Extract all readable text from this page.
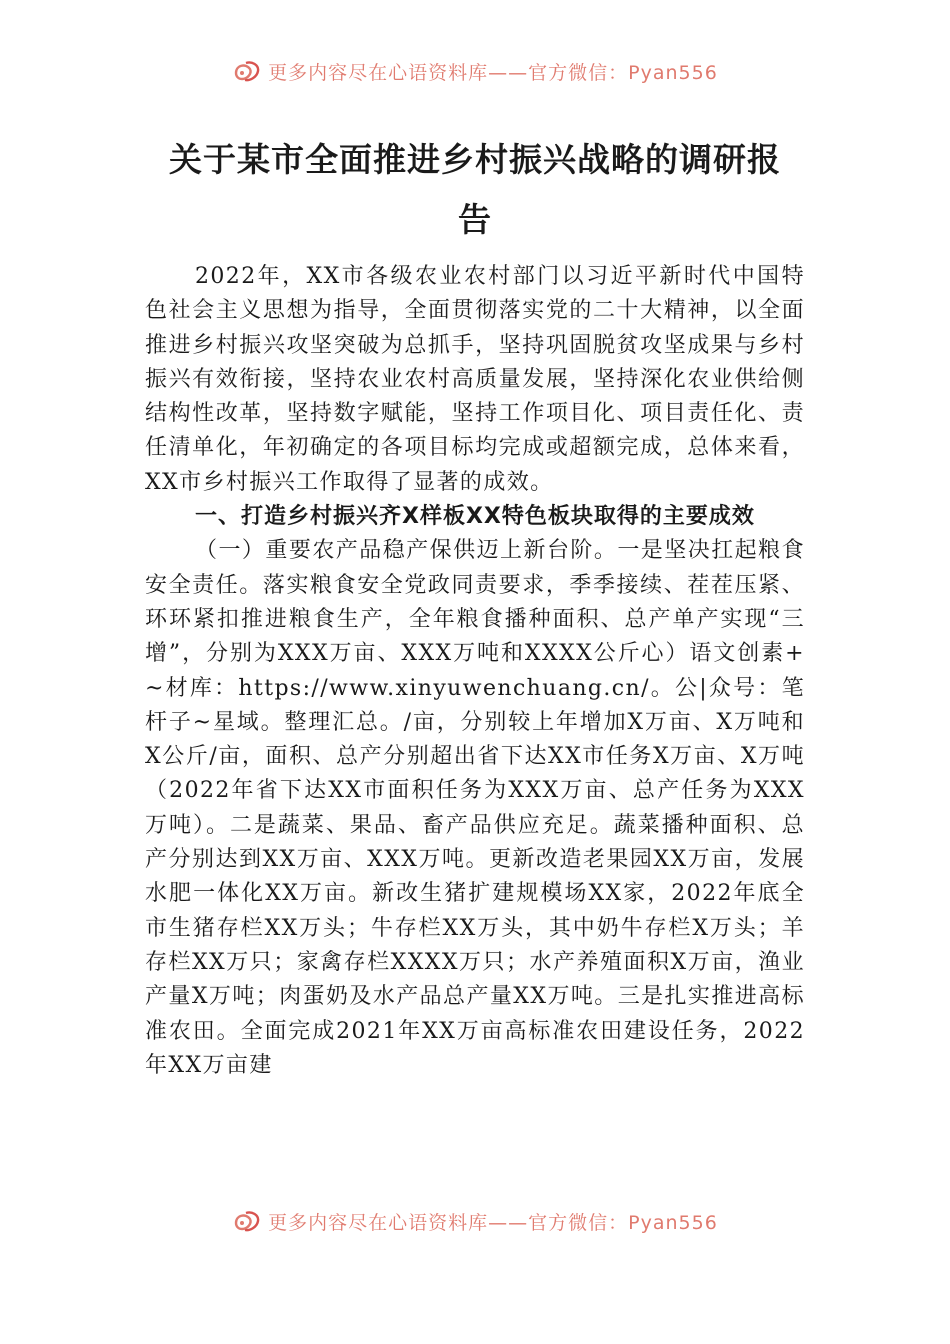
更多内容尽在心语资料库——官方微信：Pyan556
关于某市全面推进乡村振兴战略的调研报
告

2022年，XX市各级农业农村部门以习近平新时代中国特色社会主义思想为指导，全面贯彻落实党的二十大精神，以全面推进乡村振兴攻坚突破为总抓手，坚持巩固脱贫攻坚成果与乡村振兴有效衔接，坚持农业农村高质量发展，坚持深化农业供给侧结构性改革，坚持数字赋能，坚持工作项目化、项目责任化、责任清单化，年初确定的各项目标均完成或超额完成，总体来看，XX市乡村振兴工作取得了显著的成效。

一、打造乡村振兴齐X样板XX特色板块取得的主要成效

（一）重要农产品稳产保供迈上新台阶。一是坚决扛起粮食安全责任。落实粮食安全党政同责要求，季季接续、茬茬压紧、环环紧扣推进粮食生产，全年粮食播种面积、总产单产实现“三增”，分别为XXX万亩、XXX万吨和XXXX公斤心）语文创素+~材库：https://www.xinyuwenchuang.cn/。公|众号：笔杆子~星域。整理汇总。/亩，分别较上年增加X万亩、X万吨和X公斤/亩，面积、总产分别超出省下达XX市任务X万亩、X万吨（2022年省下达XX市面积任务为XXX万亩、总产任务为XXX万吨）。二是蔬菜、果品、畜产品供应充足。蔬菜播种面积、总产分别达到XX万亩、XXX万吨。更新改造老果园XX万亩，发展水肥一体化XX万亩。新改生猪扩建规模场XX家，2022年底全市生猪存栏XX万头；牛存栏XX万头，其中奶牛存栏X万头；羊存栏XX万只；家禽存栏XXXX万只；水产养殖面积X万亩，渔业产量X万吨；肉蛋奶及水产品总产量XX万吨。三是扎实推进高标准农田。全面完成2021年XX万亩高标准农田建设任务，2022年XX万亩建

更多内容尽在心语资料库——官方微信：Pyan556
